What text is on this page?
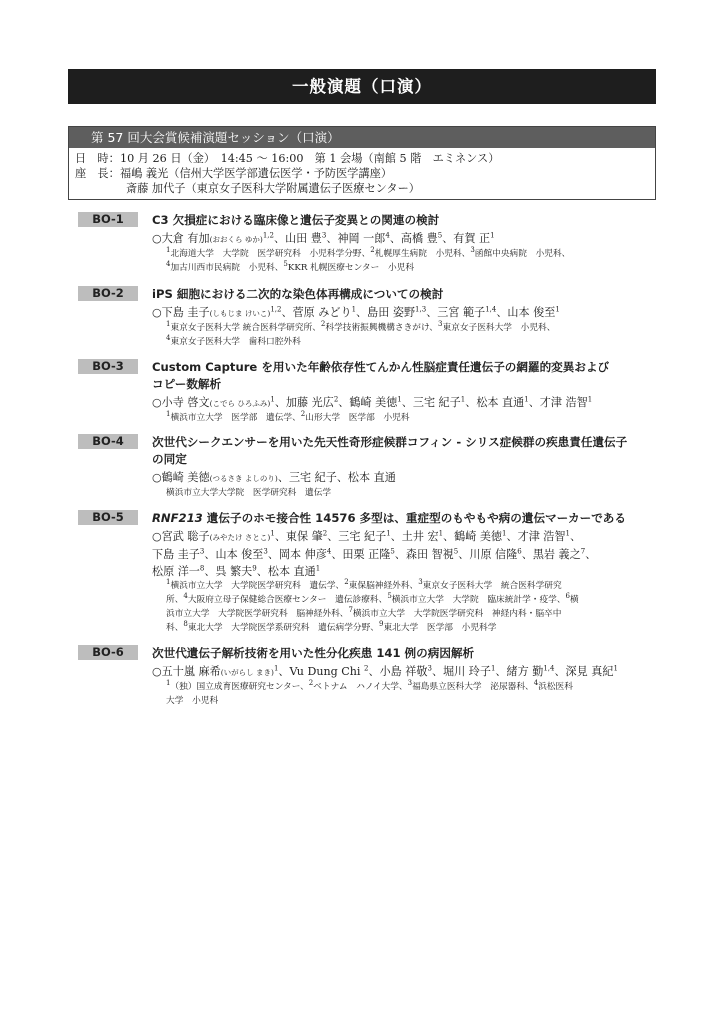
一般演題（口演）
第 57 回大会賞候補演題セッション（口演）
日　時：10 月 26 日（金）　14:45 ～ 16:00　第 1 会場（南館 5 階　エミネンス）
座　長：福嶋 義光（信州大学医学部遺伝医学・予防医学講座）
斎藤 加代子（東京女子医科大学附属遺伝子医療センター）
BO-1	C3 欠損症における臨床像と遺伝子変異との関連の検討
○大倉 有加(おおくら ゆか)$^{1,2}$、山田 豊$^3$、神岡 一郎$^4$、高橋 豊$^5$、有賀 正$^1$
$^1$北海道大学　大学院　医学研究科　小児科学分野、$^2$札幌厚生病院　小児科、$^3$函館中央病院　小児科、
$^4$加古川西市民病院　小児科、$^5$KKR 札幌医療センター　小児科
BO-2	iPS 細胞における二次的な染色体再構成についての検討
○下島 圭子(しもじま けいこ)$^{1,2}$、菅原 みどり$^1$、島田 姿野$^{1,3}$、三宮 範子$^{1,4}$、山本 俊至$^1$
$^1$東京女子医科大学 統合医科学研究所、$^2$科学技術振興機構さきがけ、$^3$東京女子医科大学　小児科、
$^4$東京女子医科大学　歯科口腔外科
BO-3	Custom Capture を用いた年齢依存性てんかん性脳症責任遺伝子の網羅的変異および
コピー数解析
○小寺 啓文(こでら ひろふみ)$^1$、加藤 光広$^2$、鶴崎 美徳$^1$、三宅 紀子$^1$、松本 直通$^1$、才津 浩智$^1$
$^1$横浜市立大学　医学部　遺伝学、$^2$山形大学　医学部　小児科
BO-4	次世代シークエンサーを用いた先天性奇形症候群コフィン - シリス症候群の疾患責任遺伝子
の同定
○鶴崎 美徳(つるさき よしのり)、三宅 紀子、松本 直通
横浜市立大学大学院　医学研究科　遺伝学
BO-5	RNF213 遺伝子のホモ接合性 14576 多型は、重症型のもやもや病の遺伝マーカーである
○宮武 聡子(みやたけ さとこ)$^1$、東保 肇$^2$、三宅 紀子$^1$、土井 宏$^1$、鶴崎 美徳$^1$、才津 浩智$^1$、
下島 圭子$^3$、山本 俊至$^3$、岡本 伸彦$^4$、田栗 正隆$^5$、森田 智視$^5$、川原 信隆$^6$、黒岩 義之$^7$、
松原 洋一$^8$、呉 繁夫$^9$、松本 直通$^1$
$^1$横浜市立大学　大学院医学研究科　遺伝学、$^2$東保脳神経外科、$^3$東京女子医科大学　統合医科学研究
所、$^4$大阪府立母子保健総合医療センター　遺伝診療科、$^5$横浜市立大学　大学院　臨床統計学・疫学、$^6$横
浜市立大学　大学院医学研究科　脳神経外科、$^7$横浜市立大学　大学院医学研究科　神経内科・脳卒中
科、$^8$東北大学　大学院医学系研究科　遺伝病学分野、$^9$東北大学　医学部　小児科学
BO-6	次世代遺伝子解析技術を用いた性分化疾患 141 例の病因解析
○五十嵐 麻希(いがらし まき)$^1$、Vu Dung Chi $^2$、小島 祥敬$^3$、堀川 玲子$^1$、緒方 勤$^{1,4}$、深見 真紀$^1$
$^1$（独）国立成育医療研究センター、$^2$ベトナム　ハノイ大学、$^3$福島県立医科大学　泌尿器科、$^4$浜松医科
大学　小児科
